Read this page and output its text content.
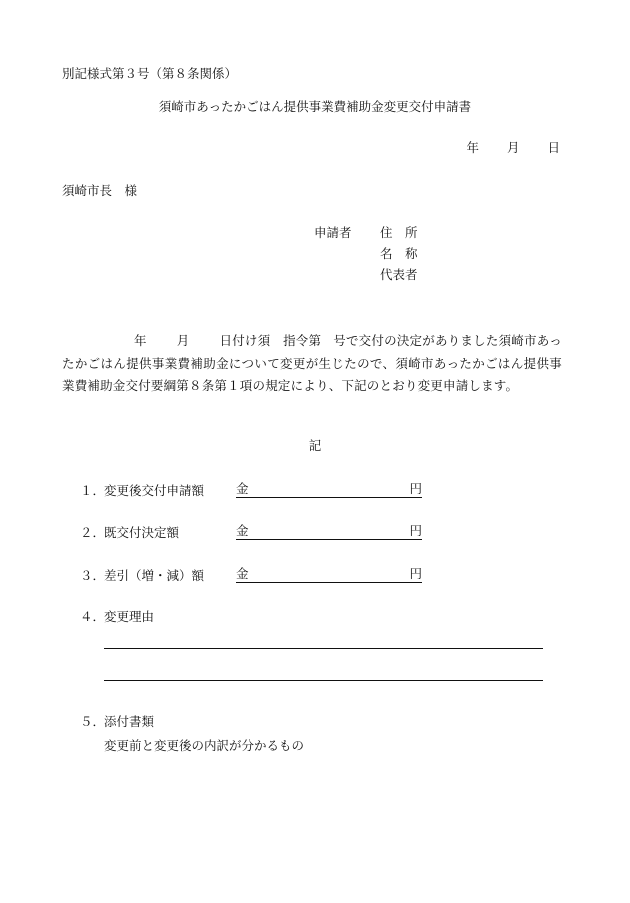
別記様式第３号（第８条関係）
須崎市あったかごはん提供事業費補助金変更交付申請書
年 月 日
須崎市長　様
申請者	住　所
名　称
代表者
年 月 日付け須　指令第 号で交付の決定がありました須崎市あったかごはん提供事業費補助金について変更が生じたので、須崎市あったかごはん提供事業費補助金交付要綱第８条第１項の規定により、下記のとおり変更申請します。
記
１．
変更後交付申請額	金	円
２．
既交付決定額	金	円
３．
差引（増・減）額	金	円
４．
変更理由
５．
添付書類
変更前と変更後の内訳が分かるもの
